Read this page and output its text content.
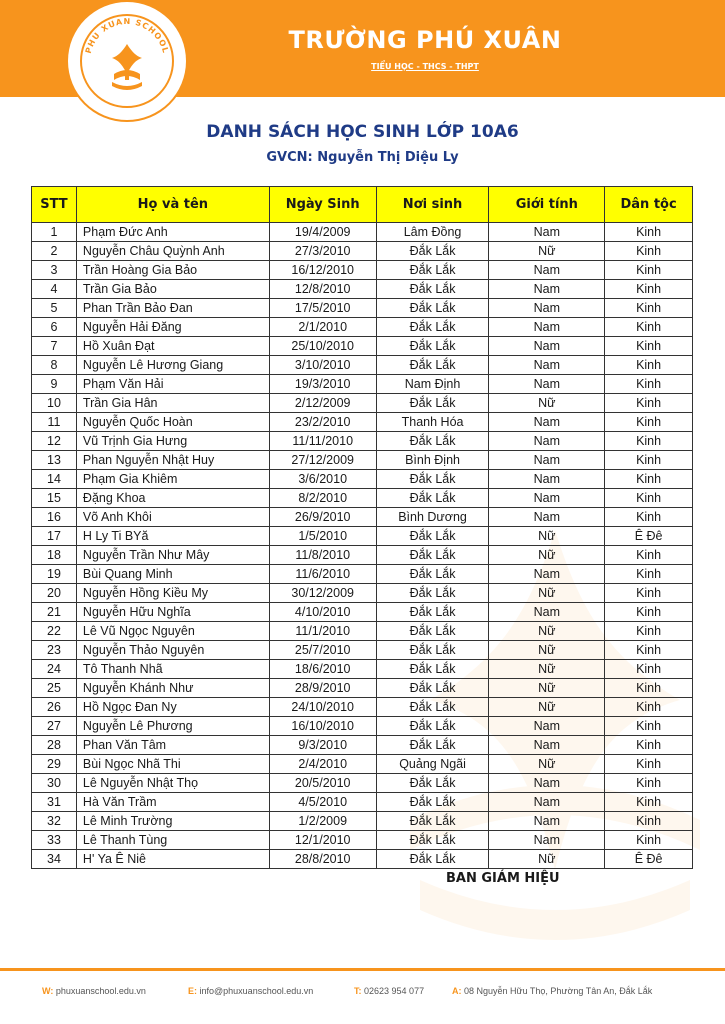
PHU XUAN SCHOOL	TRƯỜNG PHÚ XUÂN
TIỂU HỌC - THCS - THPT
DANH SÁCH HỌC SINH LỚP 10A6
GVCN: Nguyễn Thị Diệu Ly
STT	Họ và tên	Ngày Sinh	Nơi sinh	Giới tính	Dân tộc
1	Phạm Đức Anh	19/4/2009	Lâm Đồng	Nam	Kinh
2	Nguyễn Châu Quỳnh Anh	27/3/2010	Đắk Lắk	Nữ	Kinh
3	Trần Hoàng Gia Bảo	16/12/2010	Đắk Lắk	Nam	Kinh
4	Trần Gia Bảo	12/8/2010	Đắk Lắk	Nam	Kinh
5	Phan Trần Bảo Đan	17/5/2010	Đắk Lắk	Nam	Kinh
6	Nguyễn Hải Đăng	2/1/2010	Đắk Lắk	Nam	Kinh
7	Hồ Xuân Đạt	25/10/2010	Đắk Lắk	Nam	Kinh
8	Nguyễn Lê Hương Giang	3/10/2010	Đắk Lắk	Nam	Kinh
9	Phạm Văn Hải	19/3/2010	Nam Định	Nam	Kinh
10	Trần Gia Hân	2/12/2009	Đắk Lắk	Nữ	Kinh
11	Nguyễn Quốc Hoàn	23/2/2010	Thanh Hóa	Nam	Kinh
12	Vũ Trịnh Gia Hưng	11/11/2010	Đắk Lắk	Nam	Kinh
13	Phan Nguyễn Nhật Huy	27/12/2009	Bình Định	Nam	Kinh
14	Phạm Gia Khiêm	3/6/2010	Đắk Lắk	Nam	Kinh
15	Đặng Khoa	8/2/2010	Đắk Lắk	Nam	Kinh
16	Võ Anh Khôi	26/9/2010	Bình Dương	Nam	Kinh
17	H Ly Ti BYă	1/5/2010	Đắk Lắk	Nữ	Ê Đê
18	Nguyễn Trần Như Mây	11/8/2010	Đắk Lắk	Nữ	Kinh
19	Bùi Quang Minh	11/6/2010	Đắk Lắk	Nam	Kinh
20	Nguyễn Hồng Kiều My	30/12/2009	Đắk Lắk	Nữ	Kinh
21	Nguyễn Hữu Nghĩa	4/10/2010	Đắk Lắk	Nam	Kinh
22	Lê Vũ Ngọc Nguyên	11/1/2010	Đắk Lắk	Nữ	Kinh
23	Nguyễn Thảo Nguyên	25/7/2010	Đắk Lắk	Nữ	Kinh
24	Tô Thanh Nhã	18/6/2010	Đắk Lắk	Nữ	Kinh
25	Nguyễn Khánh Như	28/9/2010	Đắk Lắk	Nữ	Kinh
26	Hồ Ngọc Đan Ny	24/10/2010	Đắk Lắk	Nữ	Kinh
27	Nguyễn Lê Phương	16/10/2010	Đắk Lắk	Nam	Kinh
28	Phan Văn Tâm	9/3/2010	Đắk Lắk	Nam	Kinh
29	Bùi Ngọc Nhã Thi	2/4/2010	Quảng Ngãi	Nữ	Kinh
30	Lê Nguyễn Nhật Thọ	20/5/2010	Đắk Lắk	Nam	Kinh
31	Hà Văn Trầm	4/5/2010	Đắk Lắk	Nam	Kinh
32	Lê Minh Trường	1/2/2009	Đắk Lắk	Nam	Kinh
33	Lê Thanh Tùng	12/1/2010	Đắk Lắk	Nam	Kinh
34	H' Ya Ê Niê	28/8/2010	Đắk Lắk	Nữ	Ê Đê
BAN GIÁM HIỆU
W: phuxuanschool.edu.vn	E: info@phuxuanschool.edu.vn	T: 02623 954 077	A: 08 Nguyễn Hữu Thọ, Phường Tân An, Đắk Lắk
